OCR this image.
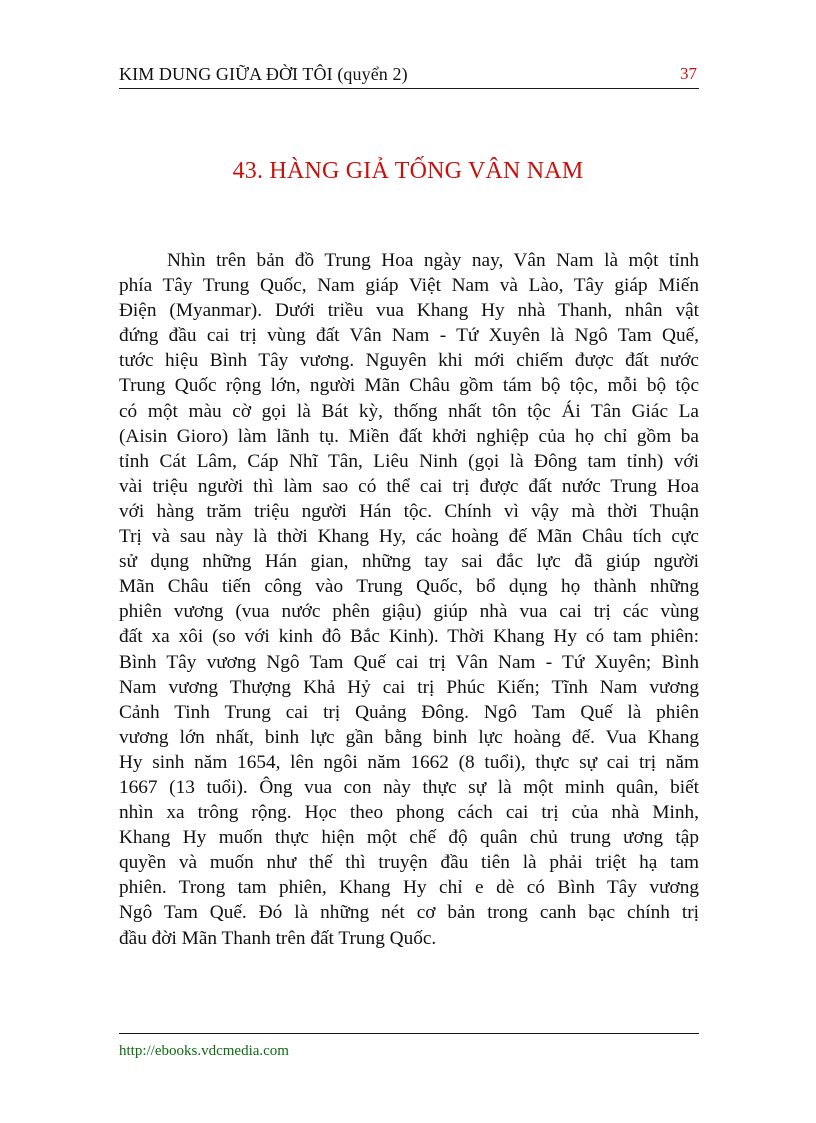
KIM DUNG GIỮA ĐỜI TÔI (quyển 2)	37
43. HÀNG GIẢ TỐNG VÂN NAM
Nhìn trên bản đồ Trung Hoa ngày nay, Vân Nam là một tỉnh
phía Tây Trung Quốc, Nam giáp Việt Nam và Lào, Tây giáp Miến
Điện (Myanmar). Dưới triều vua Khang Hy nhà Thanh, nhân vật
đứng đầu cai trị vùng đất Vân Nam - Tứ Xuyên là Ngô Tam Quế,
tước hiệu Bình Tây vương. Nguyên khi mới chiếm được đất nước
Trung Quốc rộng lớn, người Mãn Châu gồm tám bộ tộc, mỗi bộ tộc
có một màu cờ gọi là Bát kỳ, thống nhất tôn tộc Ái Tân Giác La
(Aisin Gioro) làm lãnh tụ. Miền đất khởi nghiệp của họ chỉ gồm ba
tỉnh Cát Lâm, Cáp Nhĩ Tân, Liêu Ninh (gọi là Đông tam tỉnh) với
vài triệu người thì làm sao có thể cai trị được đất nước Trung Hoa
với hàng trăm triệu người Hán tộc. Chính vì vậy mà thời Thuận
Trị và sau này là thời Khang Hy, các hoàng đế Mãn Châu tích cực
sử dụng những Hán gian, những tay sai đắc lực đã giúp người
Mãn Châu tiến công vào Trung Quốc, bổ dụng họ thành những
phiên vương (vua nước phên giậu) giúp nhà vua cai trị các vùng
đất xa xôi (so với kinh đô Bắc Kinh). Thời Khang Hy có tam phiên:
Bình Tây vương Ngô Tam Quế cai trị Vân Nam - Tứ Xuyên; Bình
Nam vương Thượng Khả Hỷ cai trị Phúc Kiến; Tĩnh Nam vương
Cảnh Tinh Trung cai trị Quảng Đông. Ngô Tam Quế là phiên
vương lớn nhất, binh lực gần bằng binh lực hoàng đế. Vua Khang
Hy sinh năm 1654, lên ngôi năm 1662 (8 tuổi), thực sự cai trị năm
1667 (13 tuổi). Ông vua con này thực sự là một minh quân, biết
nhìn xa trông rộng. Học theo phong cách cai trị của nhà Minh,
Khang Hy muốn thực hiện một chế độ quân chủ trung ương tập
quyền và muốn như thế thì truyện đầu tiên là phải triệt hạ tam
phiên. Trong tam phiên, Khang Hy chỉ e dè có Bình Tây vương
Ngô Tam Quế. Đó là những nét cơ bản trong canh bạc chính trị
đầu đời Mãn Thanh trên đất Trung Quốc.
http://ebooks.vdcmedia.com
